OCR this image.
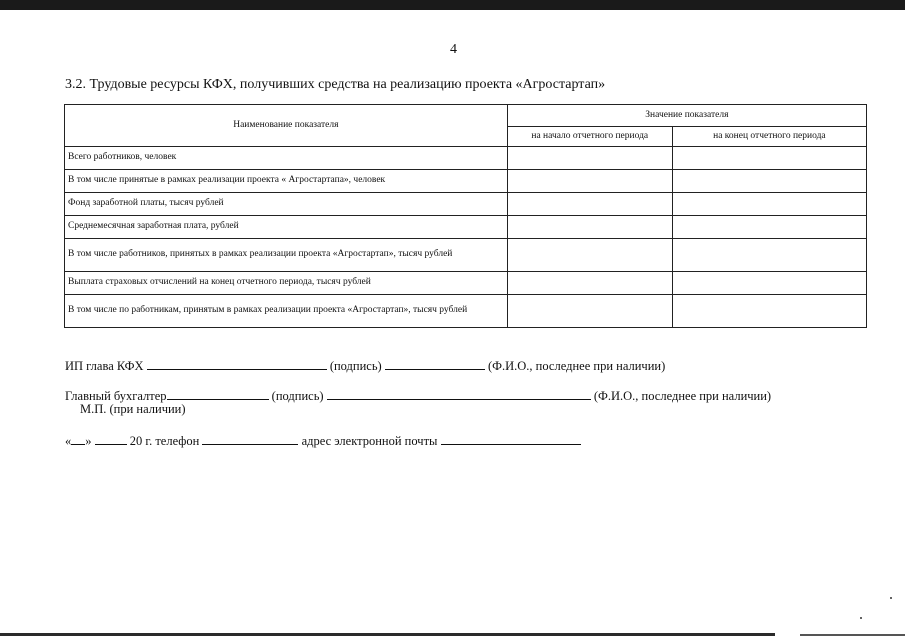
4
3.2. Трудовые ресурсы КФХ, получивших средства на реализацию проекта «Агростартап»
Наименование показателя	Значение показателя	
	на начало отчетного периода	на конец отчетного периода
Всего работников, человек		
В том числе принятые в рамках реализации проекта « Агростартапа», человек		
Фонд заработной платы, тысяч рублей		
Среднемесячная заработная плата, рублей		
В том числе работников, принятых в рамках реализации проекта «Агростартап», тысяч рублей		
Выплата страховых отчислений на конец отчетного периода, тысяч рублей		
В том числе по работникам, принятым в рамках реализации проекта «Агростартап», тысяч рублей		
ИП глава КФХ	(подпись)	(Ф.И.О., последнее при наличии)
Главный бухгалтер	(подпись)	(Ф.И.О., последнее при наличии)
М.П. (при наличии)
« »	20 г. телефон	адрес электронной почты
